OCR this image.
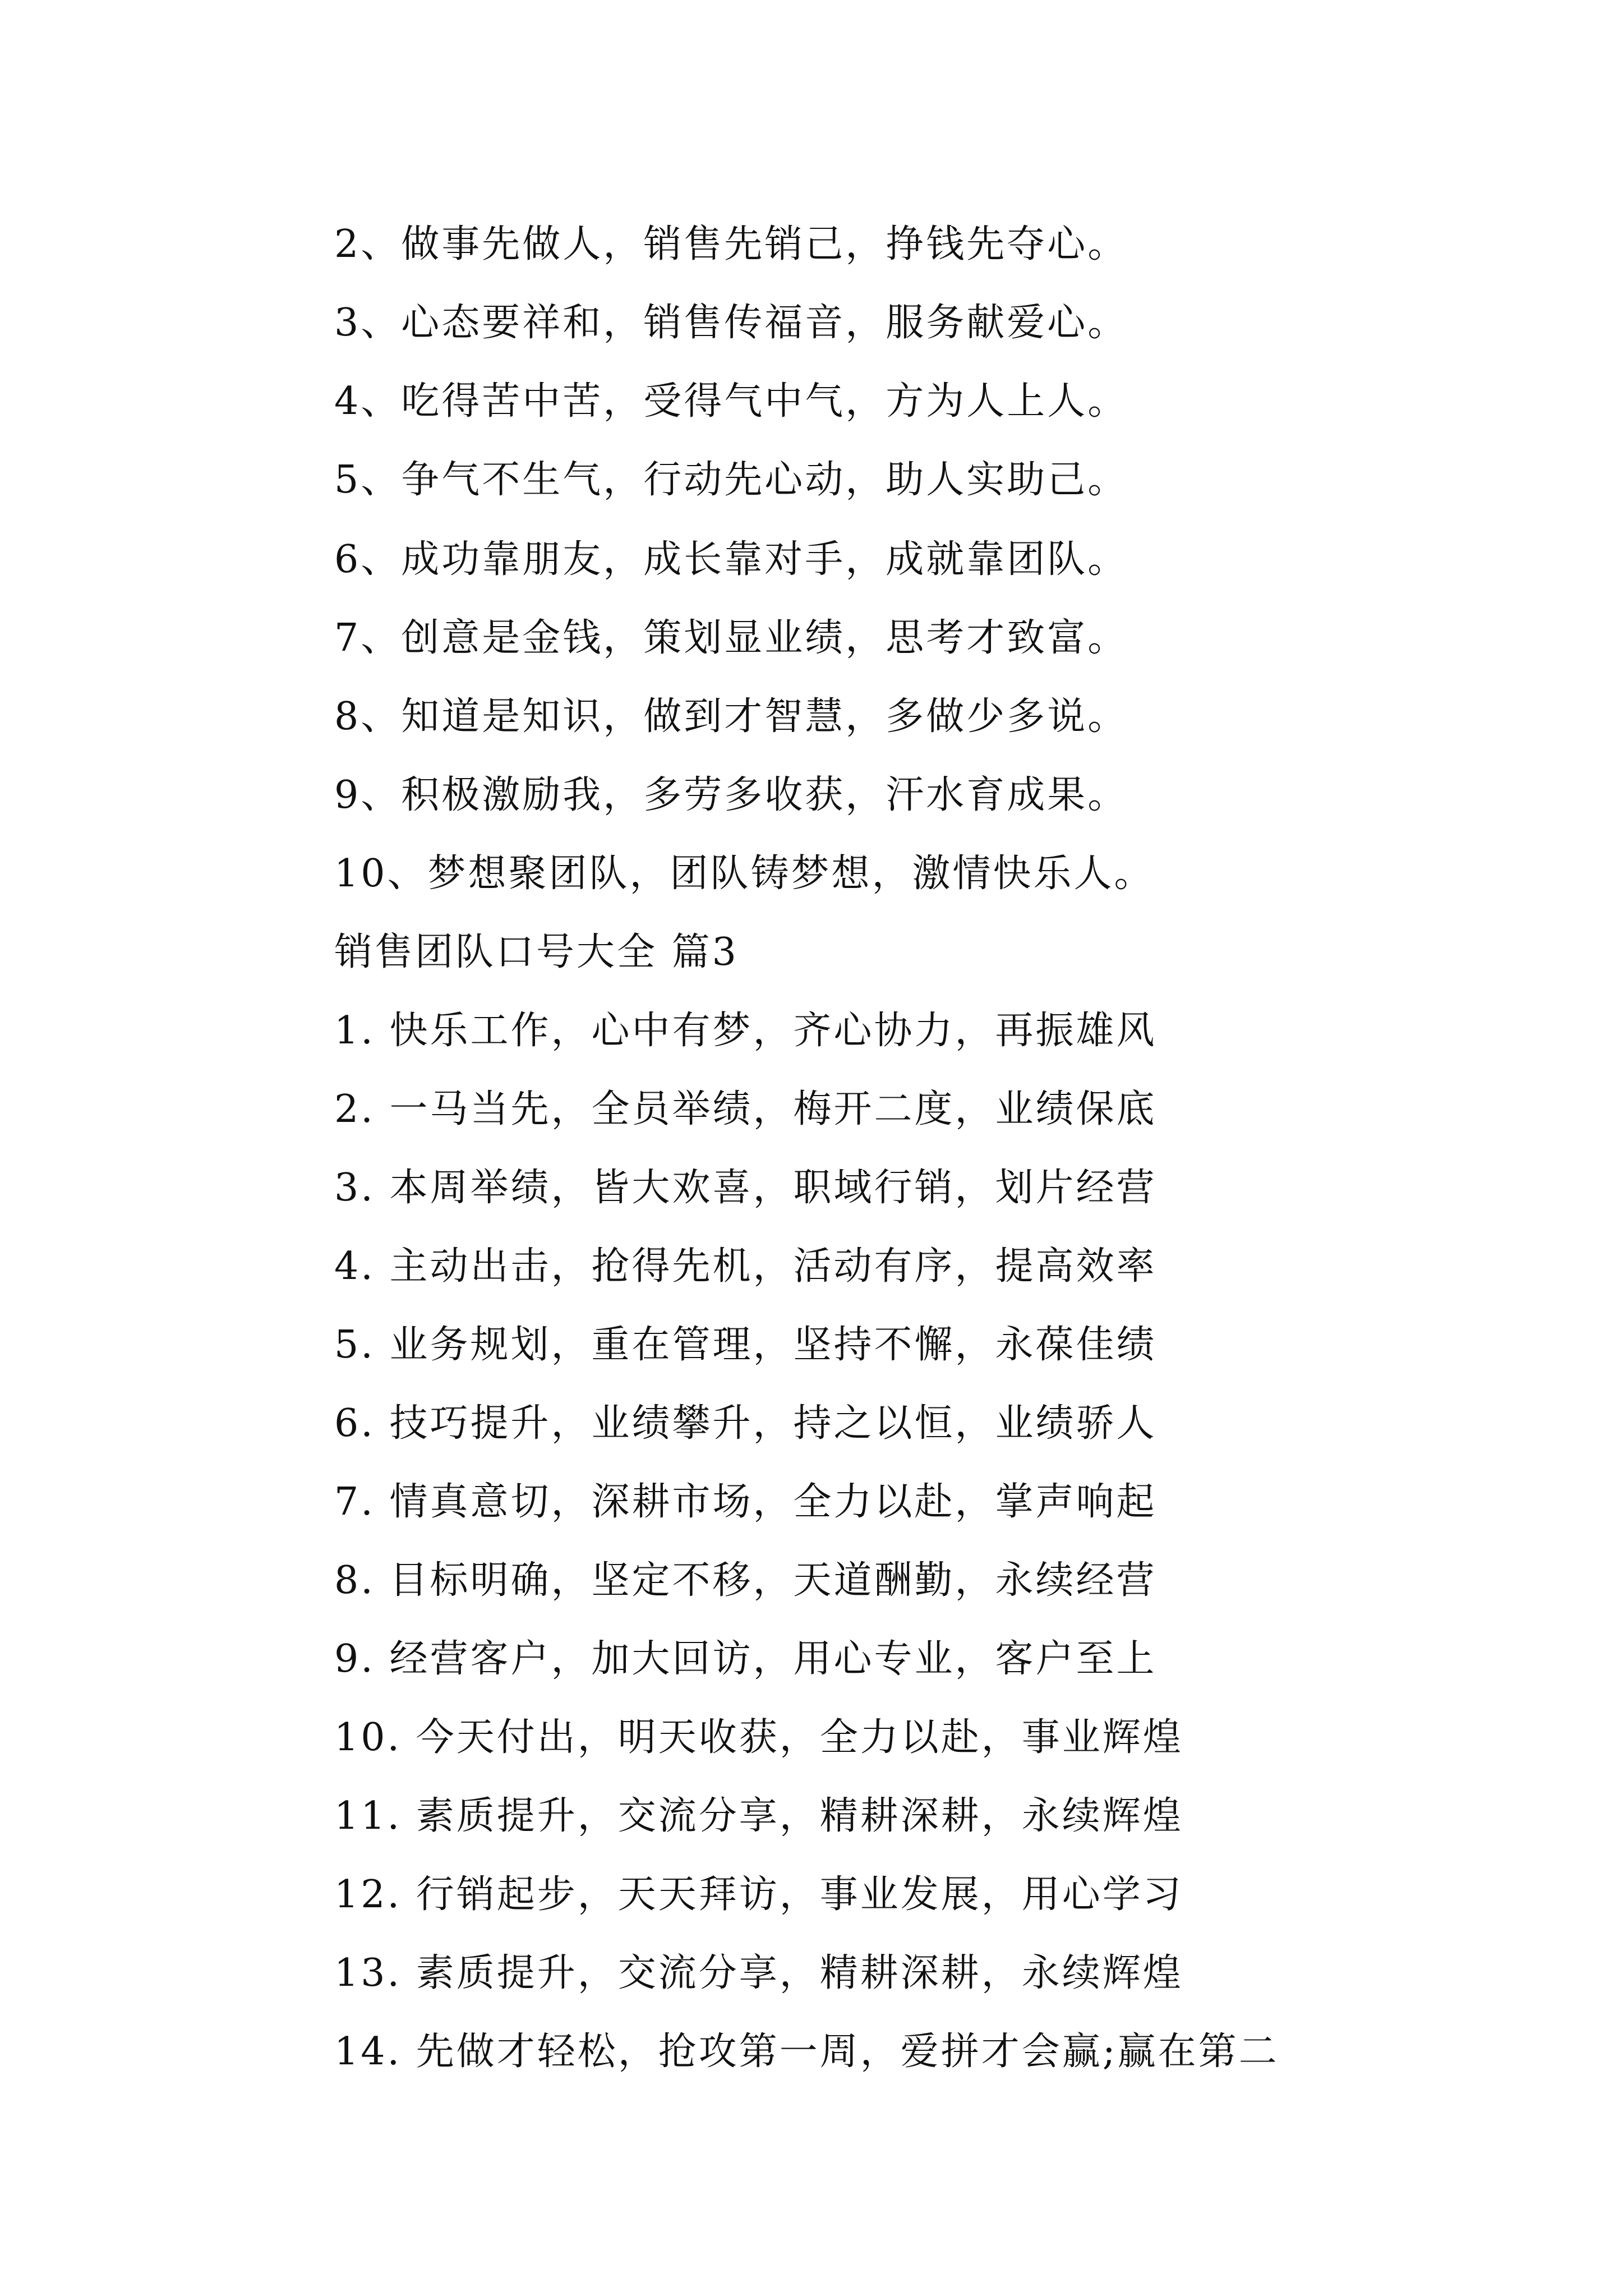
2、做事先做人，销售先销己，挣钱先夺心。
3、心态要祥和，销售传福音，服务献爱心。
4、吃得苦中苦，受得气中气，方为人上人。
5、争气不生气，行动先心动，助人实助己。
6、成功靠朋友，成长靠对手，成就靠团队。
7、创意是金钱，策划显业绩，思考才致富。
8、知道是知识，做到才智慧，多做少多说。
9、积极激励我，多劳多收获，汗水育成果。
10、梦想聚团队，团队铸梦想，激情快乐人。
销售团队口号大全 篇3
1. 快乐工作，心中有梦，齐心协力，再振雄风
2. 一马当先，全员举绩，梅开二度，业绩保底
3. 本周举绩，皆大欢喜，职域行销，划片经营
4. 主动出击，抢得先机，活动有序，提高效率
5. 业务规划，重在管理，坚持不懈，永葆佳绩
6. 技巧提升，业绩攀升，持之以恒，业绩骄人
7. 情真意切，深耕市场，全力以赴，掌声响起
8. 目标明确，坚定不移，天道酬勤，永续经营
9. 经营客户，加大回访，用心专业，客户至上
10. 今天付出，明天收获，全力以赴，事业辉煌
11. 素质提升，交流分享，精耕深耕，永续辉煌
12. 行销起步，天天拜访，事业发展，用心学习
13. 素质提升，交流分享，精耕深耕，永续辉煌
14. 先做才轻松，抢攻第一周，爱拼才会赢;赢在第二
